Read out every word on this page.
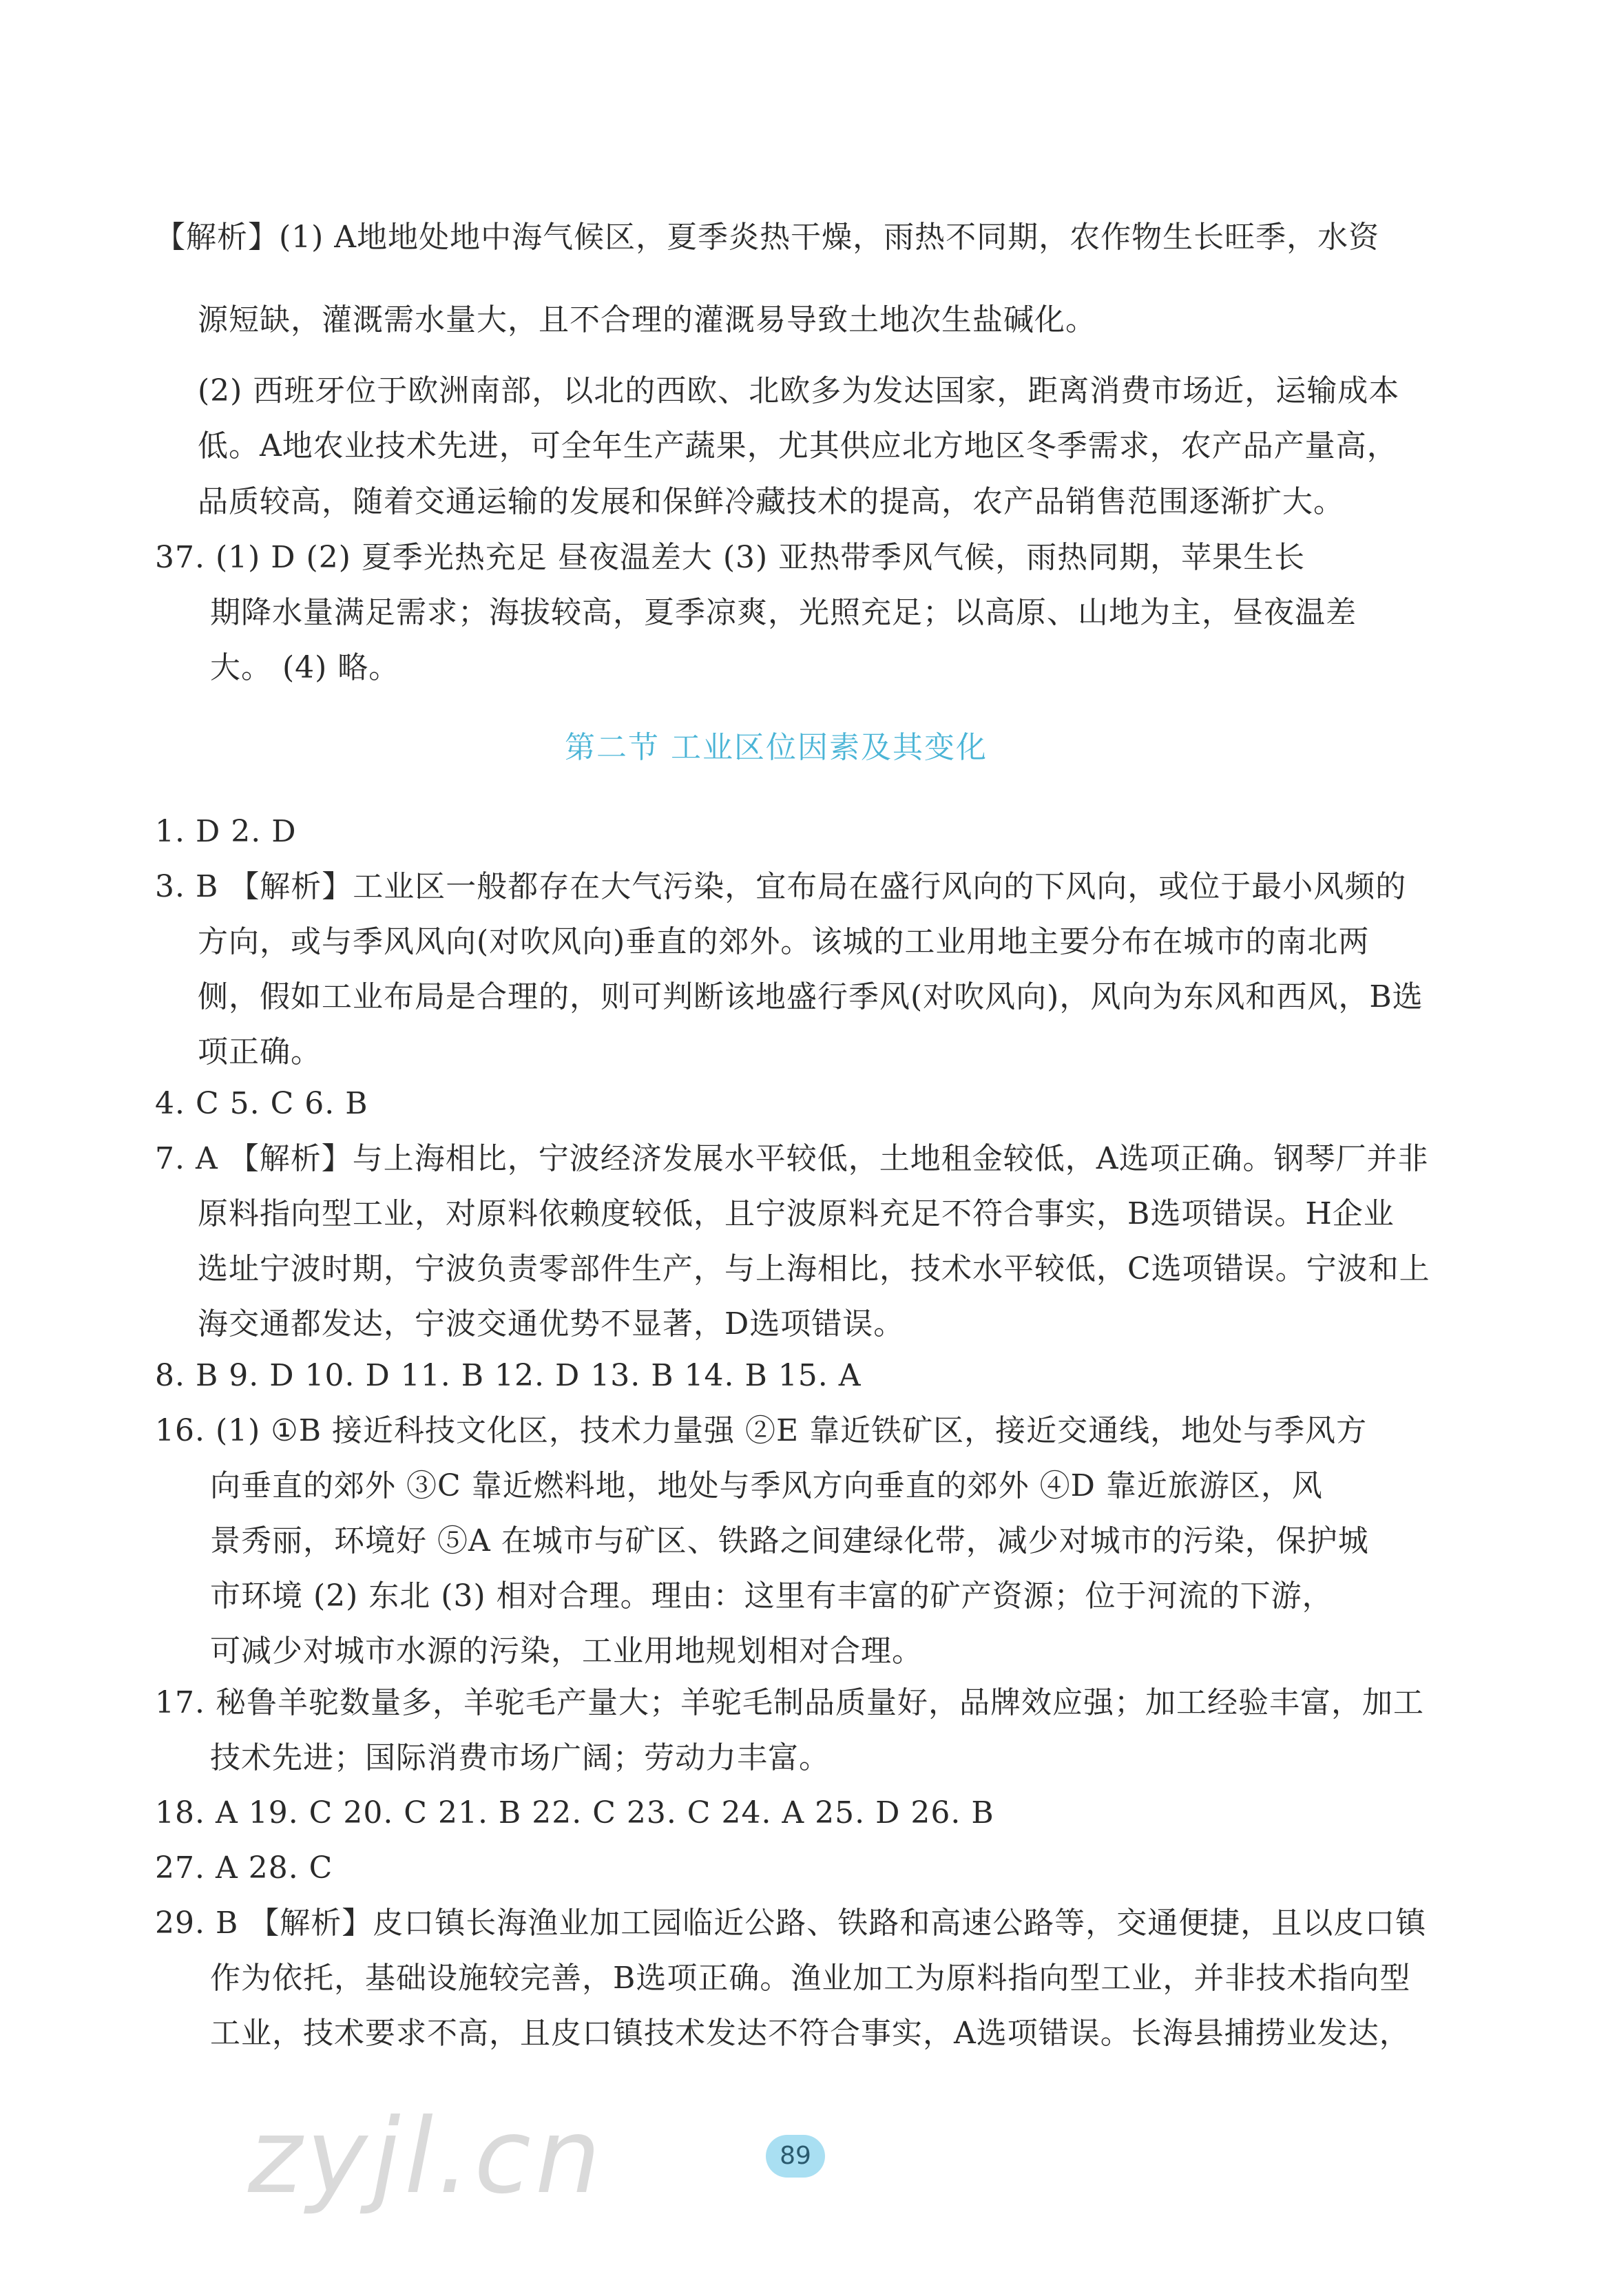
【解析】(1) A地地处地中海气候区，夏季炎热干燥，雨热不同期，农作物生长旺季，水资
源短缺，灌溉需水量大，且不合理的灌溉易导致土地次生盐碱化。
(2) 西班牙位于欧洲南部，以北的西欧、北欧多为发达国家，距离消费市场近，运输成本
低。A地农业技术先进，可全年生产蔬果，尤其供应北方地区冬季需求，农产品产量高，
品质较高，随着交通运输的发展和保鲜冷藏技术的提高，农产品销售范围逐渐扩大。
37. (1) D (2) 夏季光热充足 昼夜温差大 (3) 亚热带季风气候，雨热同期，苹果生长
期降水量满足需求；海拔较高，夏季凉爽，光照充足；以高原、山地为主，昼夜温差
大。 (4) 略。
第二节 工业区位因素及其变化
1. D 2. D
3. B 【解析】工业区一般都存在大气污染，宜布局在盛行风向的下风向，或位于最小风频的
方向，或与季风风向(对吹风向)垂直的郊外。该城的工业用地主要分布在城市的南北两
侧，假如工业布局是合理的，则可判断该地盛行季风(对吹风向)，风向为东风和西风，B选
项正确。
4. C 5. C 6. B
7. A 【解析】与上海相比，宁波经济发展水平较低，土地租金较低，A选项正确。钢琴厂并非
原料指向型工业，对原料依赖度较低，且宁波原料充足不符合事实，B选项错误。H企业
选址宁波时期，宁波负责零部件生产，与上海相比，技术水平较低，C选项错误。宁波和上
海交通都发达，宁波交通优势不显著，D选项错误。
8. B 9. D 10. D 11. B 12. D 13. B 14. B 15. A
16. (1) ①B 接近科技文化区，技术力量强 ②E 靠近铁矿区，接近交通线，地处与季风方
向垂直的郊外 ③C 靠近燃料地，地处与季风方向垂直的郊外 ④D 靠近旅游区，风
景秀丽，环境好 ⑤A 在城市与矿区、铁路之间建绿化带，减少对城市的污染，保护城
市环境 (2) 东北 (3) 相对合理。理由：这里有丰富的矿产资源；位于河流的下游，
可减少对城市水源的污染，工业用地规划相对合理。
17. 秘鲁羊驼数量多，羊驼毛产量大；羊驼毛制品质量好，品牌效应强；加工经验丰富，加工
技术先进；国际消费市场广阔；劳动力丰富。
18. A 19. C 20. C 21. B 22. C 23. C 24. A 25. D 26. B
27. A 28. C
29. B 【解析】皮口镇长海渔业加工园临近公路、铁路和高速公路等，交通便捷，且以皮口镇
作为依托，基础设施较完善，B选项正确。渔业加工为原料指向型工业，并非技术指向型
工业，技术要求不高，且皮口镇技术发达不符合事实，A选项错误。长海县捕捞业发达，
zyjl.cn	89
